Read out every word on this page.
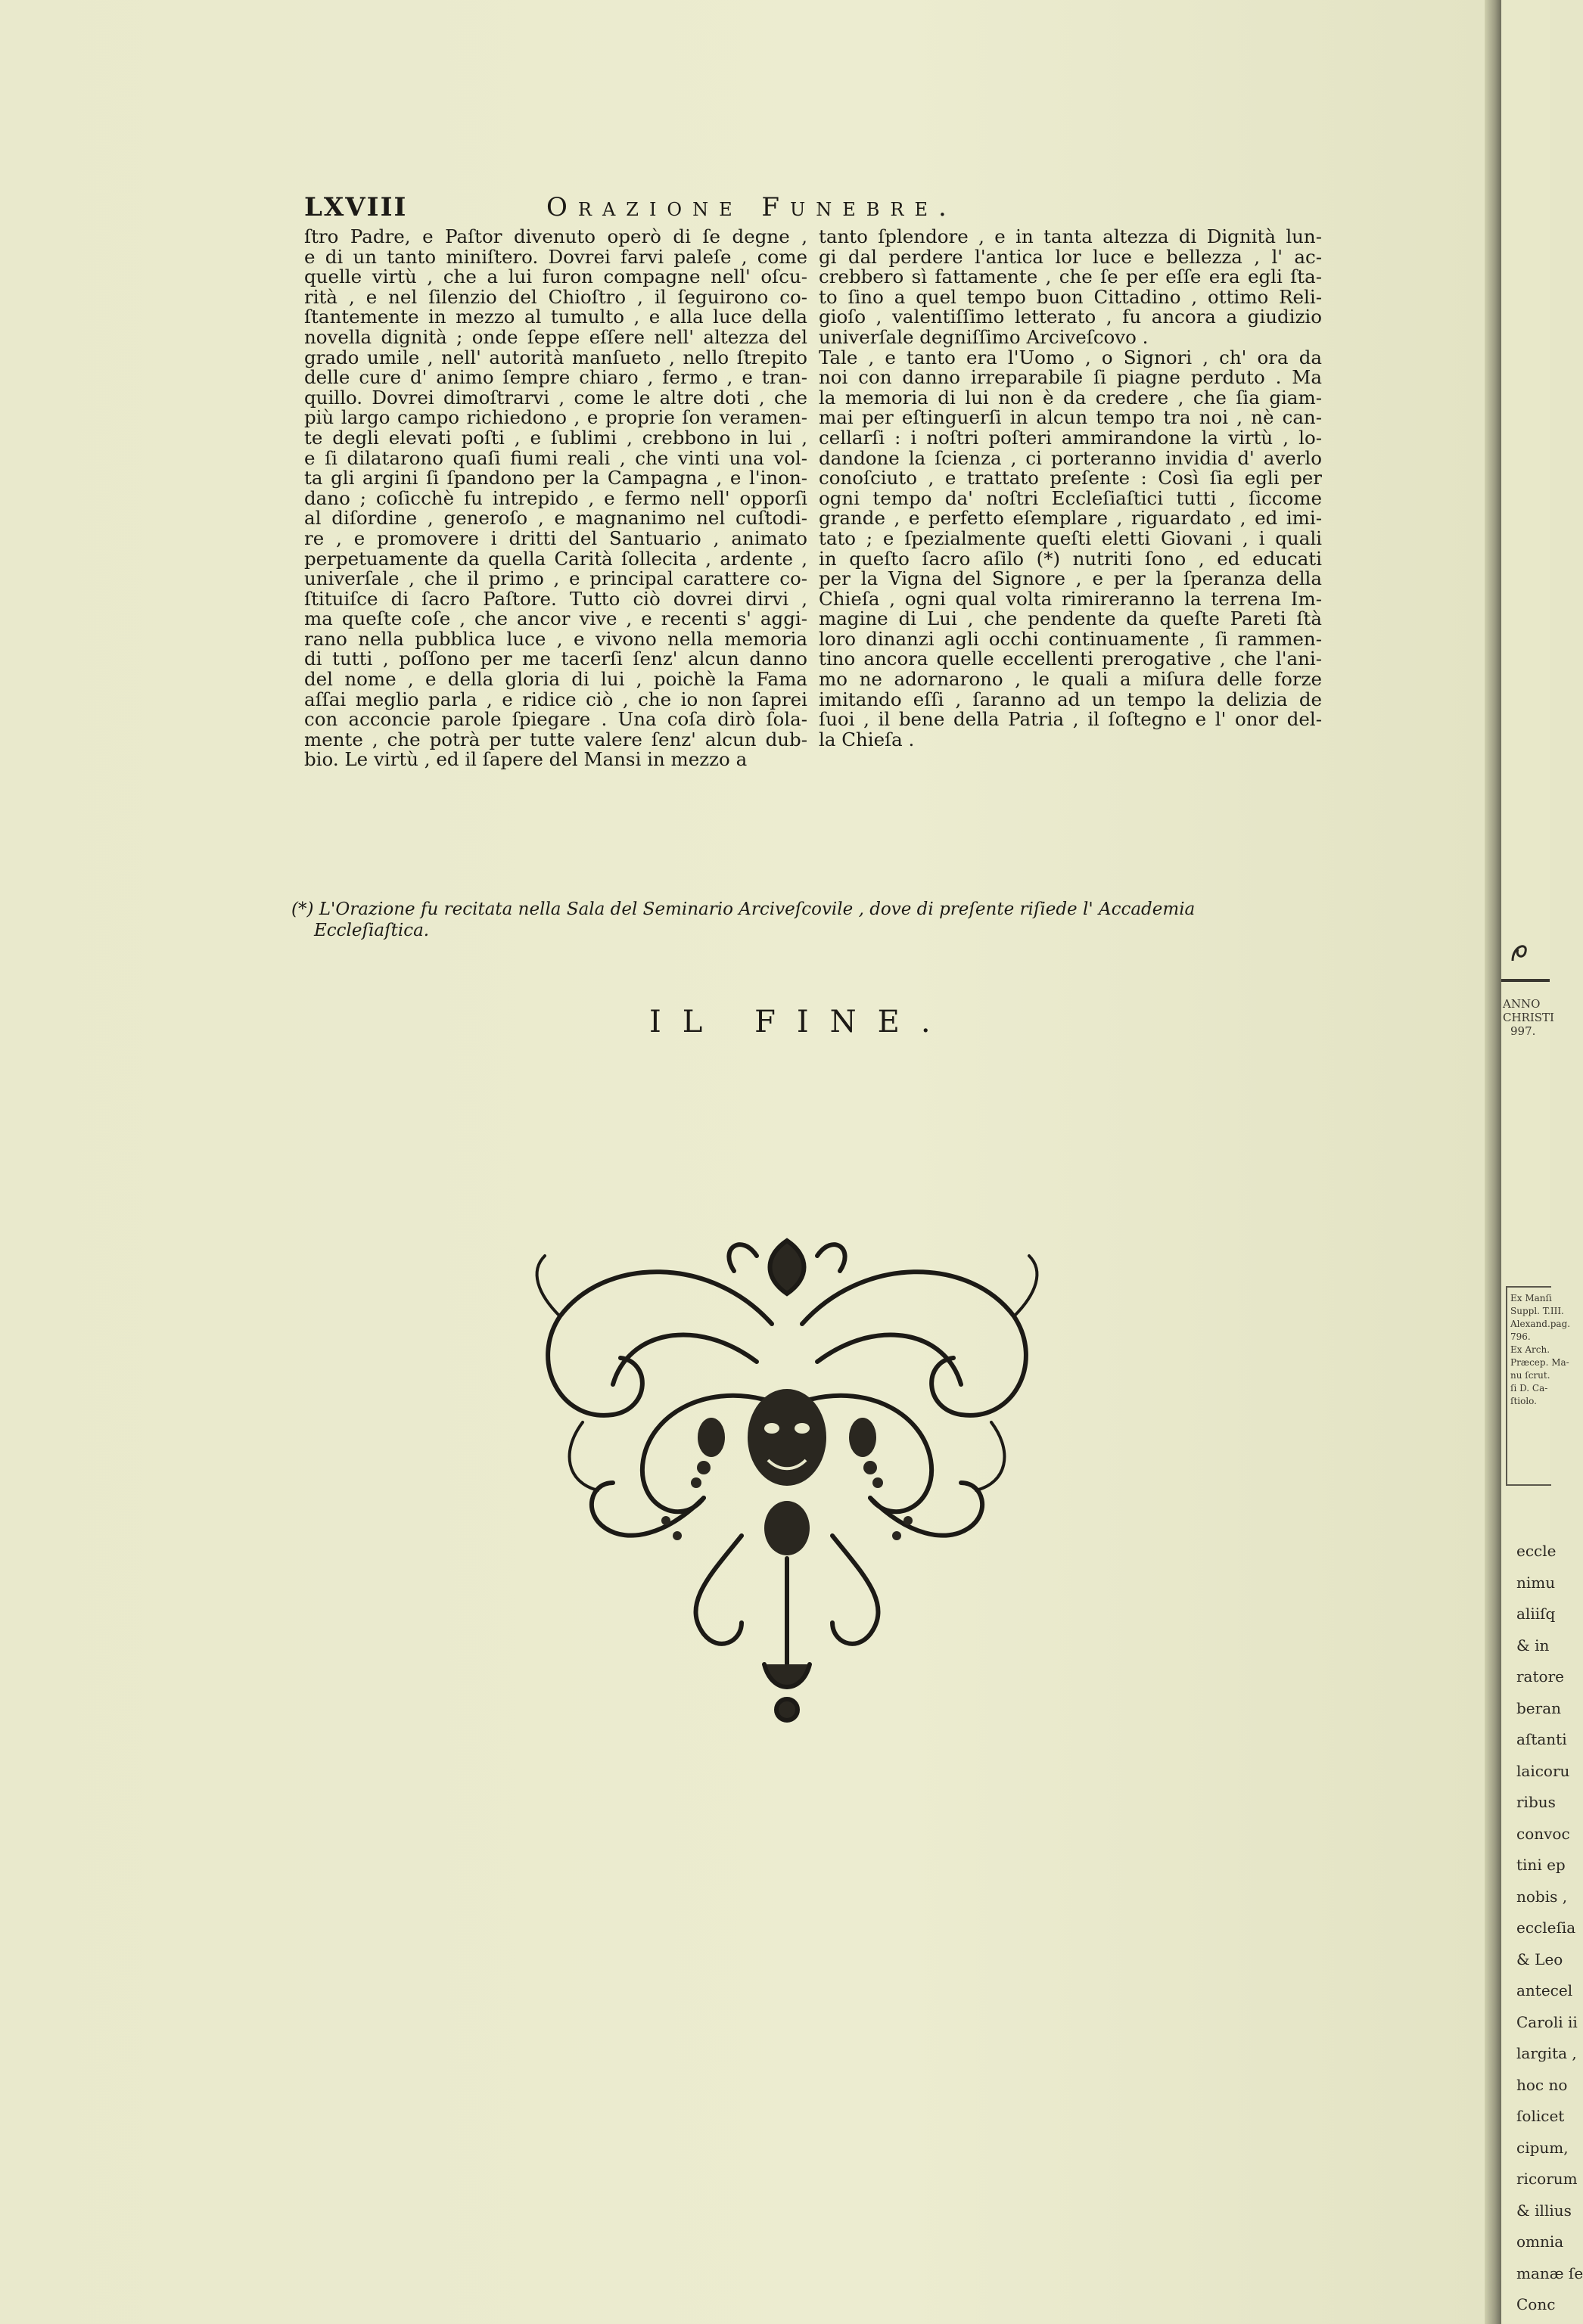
LXVIII	Orazione Funebre.
ſtro Padre, e Paſtor divenuto operò di ſe degne ,
e di un tanto miniſtero. Dovrei farvi paleſe , come
quelle virtù , che a lui furon compagne nell' oſcu-
rità , e nel ſilenzio del Chioſtro , il ſeguirono co-
ſtantemente in mezzo al tumulto , e alla luce della
novella dignità ; onde ſeppe eſſere nell' altezza del
grado umile , nell' autorità manſueto , nello ſtrepito
delle cure d' animo ſempre chiaro , fermo , e tran-
quillo. Dovrei dimoſtrarvi , come le altre doti , che
più largo campo richiedono , e proprie ſon veramen-
te degli elevati poſti , e ſublimi , crebbono in lui ,
e ſi dilatarono quaſi fiumi reali , che vinti una vol-
ta gli argini ſi ſpandono per la Campagna , e l'inon-
dano ; coſicchè fu intrepido , e fermo nell' opporſi
al diſordine , generoſo , e magnanimo nel cuſtodi-
re , e promovere i dritti del Santuario , animato
perpetuamente da quella Carità ſollecita , ardente ,
univerſale , che il primo , e principal carattere co-
ſtituiſce di ſacro Paſtore. Tutto ciò dovrei dirvi ,
ma queſte coſe , che ancor vive , e recenti s' aggi-
rano nella pubblica luce , e vivono nella memoria
di tutti , poſſono per me tacerſi ſenz' alcun danno
del nome , e della gloria di lui , poichè la Fama
aſſai meglio parla , e ridice ciò , che io non ſaprei
con acconcie parole ſpiegare . Una coſa dirò ſola-
mente , che potrà per tutte valere ſenz' alcun dub-
bio. Le virtù , ed il ſapere del Mansi in mezzo a
tanto ſplendore , e in tanta altezza di Dignità lun-
gi dal perdere l'antica lor luce e bellezza , l' ac-
crebbero sì fattamente , che ſe per eſſe era egli ſta-
to ſino a quel tempo buon Cittadino , ottimo Reli-
gioſo , valentiſſimo letterato , fu ancora a giudizio
univerſale degniſſimo Arciveſcovo .
Tale , e tanto era l'Uomo , o Signori , ch' ora da
noi con danno irreparabile ſi piagne perduto . Ma
la memoria di lui non è da credere , che ſia giam-
mai per eſtinguerſi in alcun tempo tra noi , nè can-
cellarſi : i noſtri poſteri ammirandone la virtù , lo-
dandone la ſcienza , ci porteranno invidia d' averlo
conoſciuto , e trattato preſente : Così ſia egli per
ogni tempo da' noſtri Eccleſiaſtici tutti , ſiccome
grande , e perfetto eſemplare , riguardato , ed imi-
tato ; e ſpezialmente queſti eletti Giovani , i quali
in queſto ſacro aſilo (*) nutriti ſono , ed educati
per la Vigna del Signore , e per la ſperanza della
Chieſa , ogni qual volta rimireranno la terrena Im-
magine di Lui , che pendente da queſte Pareti ſtà
loro dinanzi agli occhi continuamente , ſi rammen-
tino ancora quelle eccellenti prerogative , che l'ani-
mo ne adornarono , le quali a miſura delle forze
imitando eſſi , ſaranno ad un tempo la delizia de
ſuoi , il bene della Patria , il ſoſtegno e l' onor del-
la Chieſa .
(*) L'Orazione fu recitata nella Sala del Seminario Arciveſcovile , dove di preſente riſiede l' Accademia
Eccleſiaſtica.
IL FINE.
ANNO
CHRISTI
997.
Ex Manſi
Suppl. T.III.
Alexand.pag.
796.
Ex Arch.
Præcep. Ma-
nu ſcrut.
ſi D. Ca-
ſtiolo.
eccle
nimu
aliiſq
& in
ratore
beran
aſtanti
laicoru
ribus
convoc
tini ep
nobis ,
eccleſia
& Leo
antecel
Caroli ii
largita ,
hoc no
ſolicet
cipum,
ricorum
& illius
omnia
manæ ſe
Conc
